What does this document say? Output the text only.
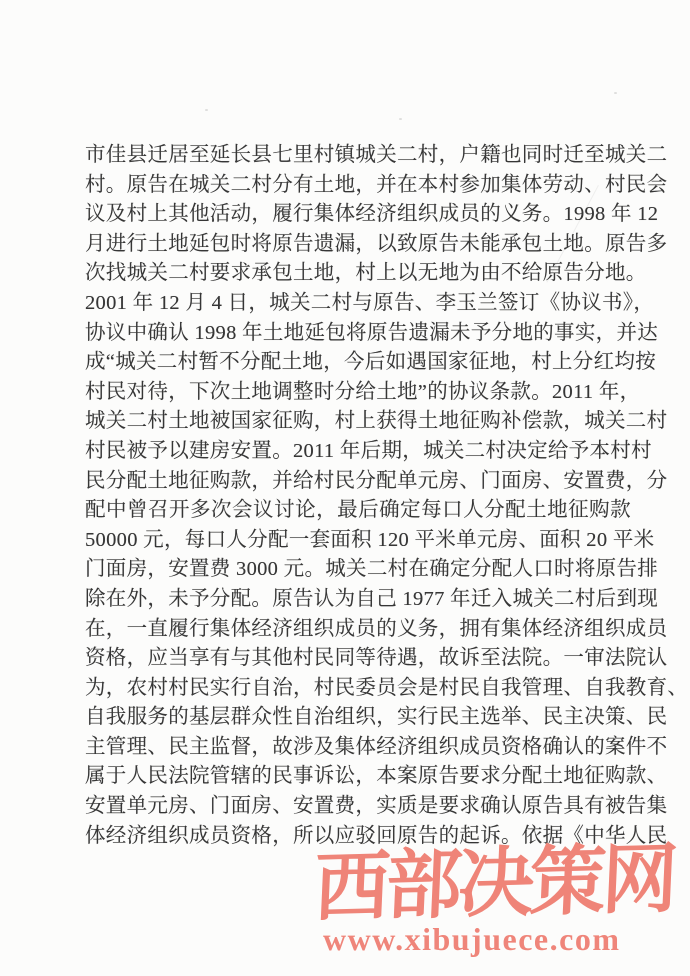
市佳县迁居至延长县七里村镇城关二村，户籍也同时迁至城关二
村。原告在城关二村分有土地，并在本村参加集体劳动、村民会
议及村上其他活动，履行集体经济组织成员的义务。1998 年 12
月进行土地延包时将原告遗漏，以致原告未能承包土地。原告多
次找城关二村要求承包土地，村上以无地为由不给原告分地。
2001 年 12 月 4 日，城关二村与原告、李玉兰签订《协议书》，
协议中确认 1998 年土地延包将原告遗漏未予分地的事实，并达
成“城关二村暂不分配土地，今后如遇国家征地，村上分红均按
村民对待，下次土地调整时分给土地”的协议条款。2011 年，
城关二村土地被国家征购，村上获得土地征购补偿款，城关二村
村民被予以建房安置。2011 年后期，城关二村决定给予本村村
民分配土地征购款，并给村民分配单元房、门面房、安置费，分
配中曾召开多次会议讨论，最后确定每口人分配土地征购款
50000 元，每口人分配一套面积 120 平米单元房、面积 20 平米
门面房，安置费 3000 元。城关二村在确定分配人口时将原告排
除在外，未予分配。原告认为自己 1977 年迁入城关二村后到现
在，一直履行集体经济组织成员的义务，拥有集体经济组织成员
资格，应当享有与其他村民同等待遇，故诉至法院。一审法院认
为，农村村民实行自治，村民委员会是村民自我管理、自我教育、
自我服务的基层群众性自治组织，实行民主选举、民主决策、民
主管理、民主监督，故涉及集体经济组织成员资格确认的案件不
属于人民法院管辖的民事诉讼，本案原告要求分配土地征购款、
安置单元房、门面房、安置费，实质是要求确认原告具有被告集
体经济组织成员资格，所以应驳回原告的起诉。依据《中华人民
西部决策网
www.xibujuece.com
